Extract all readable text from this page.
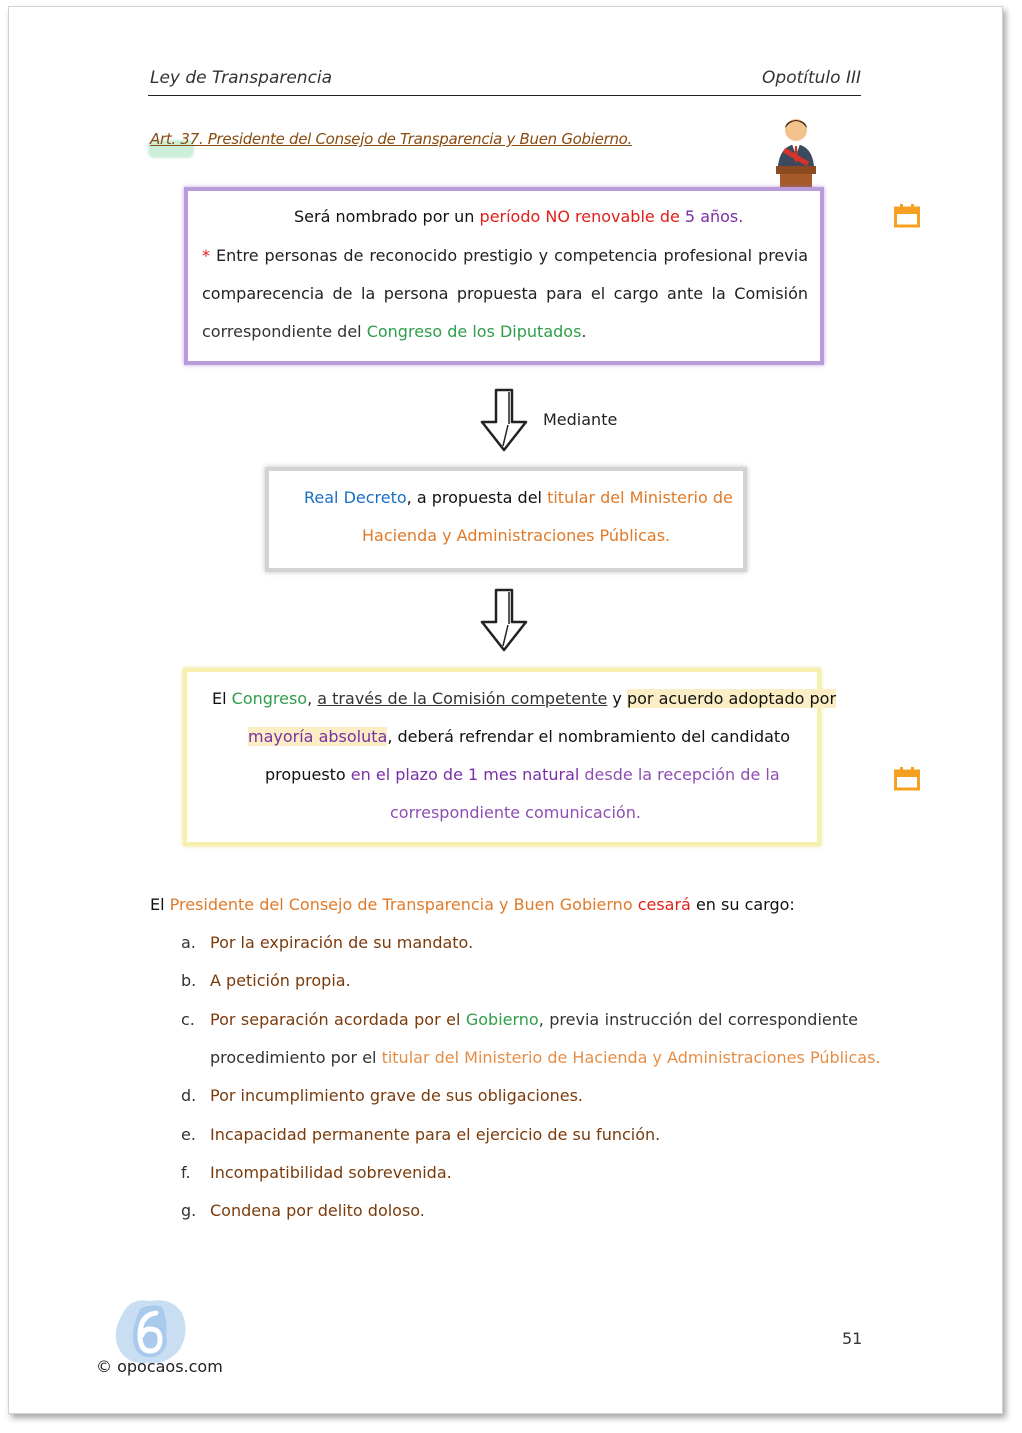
Ley de Transparencia	Opotítulo III
Art. 37. Presidente del Consejo de Transparencia y Buen Gobierno.
Será nombrado por un período NO renovable de 5 años.
* Entre personas de reconocido prestigio y competencia profesional previa
comparecencia de la persona propuesta para el cargo ante la Comisión
correspondiente del Congreso de los Diputados.
Mediante
Real Decreto, a propuesta del titular del Ministerio de
Hacienda y Administraciones Públicas.
El Congreso, a través de la Comisión competente y por acuerdo adoptado por
mayoría absoluta, deberá refrendar el nombramiento del candidato
propuesto en el plazo de 1 mes natural desde la recepción de la
correspondiente comunicación.
El Presidente del Consejo de Transparencia y Buen Gobierno cesará en su cargo:
a. Por la expiración de su mandato.
b. A petición propia.
c. Por separación acordada por el Gobierno, previa instrucción del correspondiente
procedimiento por el titular del Ministerio de Hacienda y Administraciones Públicas.
d. Por incumplimiento grave de sus obligaciones.
e. Incapacidad permanente para el ejercicio de su función.
f. Incompatibilidad sobrevenida.
g. Condena por delito doloso.
© opocaos.com
51
